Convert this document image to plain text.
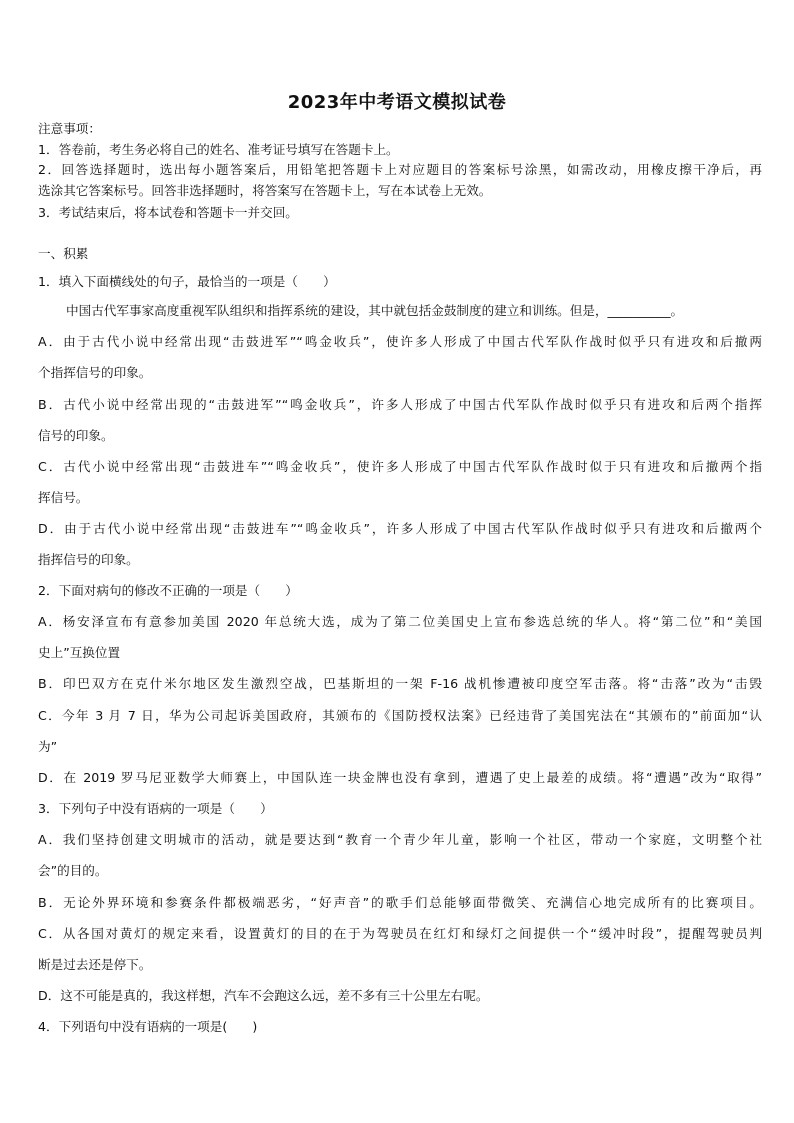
2023年中考语文模拟试卷
注意事项：
1．答卷前，考生务必将自己的姓名、准考证号填写在答题卡上。
2．回答选择题时，选出每小题答案后，用铅笔把答题卡上对应题目的答案标号涂黑，如需改动，用橡皮擦干净后，再
选涂其它答案标号。回答非选择题时，将答案写在答题卡上，写在本试卷上无效。
3．考试结束后，将本试卷和答题卡一并交回。
一、积累
1．填入下面横线处的句子，最恰当的一项是（　　）
中国古代军事家高度重视军队组织和指挥系统的建设，其中就包括金鼓制度的建立和训练。但是，__________。
A．由于古代小说中经常出现“击鼓进军”“鸣金收兵”，使许多人形成了中国古代军队作战时似乎只有进攻和后撤两
个指挥信号的印象。
B．古代小说中经常出现的“击鼓进军”“鸣金收兵”，许多人形成了中国古代军队作战时似乎只有进攻和后两个指挥
信号的印象。
C．古代小说中经常出现“击鼓进车”“鸣金收兵”，使许多人形成了中国古代军队作战时似于只有进攻和后撤两个指
挥信号。
D．由于古代小说中经常出现“击鼓进车”“鸣金收兵”，许多人形成了中国古代军队作战时似乎只有进攻和后撤两个
指挥信号的印象。
2．下面对病句的修改不正确的一项是（　　）
A．杨安泽宣布有意参加美国 2020 年总统大选，成为了第二位美国史上宣布参选总统的华人。将“第二位”和“美国
史上”互换位置
B．印巴双方在克什米尔地区发生激烈空战，巴基斯坦的一架 F-16 战机惨遭被印度空军击落。将“击落”改为“击毁
C．今年 3 月 7 日，华为公司起诉美国政府，其颁布的《国防授权法案》已经违背了美国宪法在“其颁布的”前面加“认
为”
D．在 2019 罗马尼亚数学大师赛上，中国队连一块金牌也没有拿到，遭遇了史上最差的成绩。将“遭遇”改为“取得”
3．下列句子中没有语病的一项是（　　）
A．我们坚持创建文明城市的活动，就是要达到“教育一个青少年儿童，影响一个社区，带动一个家庭，文明整个社
会”的目的。
B．无论外界环境和参赛条件都极端恶劣，“好声音”的歌手们总能够面带微笑、充满信心地完成所有的比赛项目。
C．从各国对黄灯的规定来看，设置黄灯的目的在于为驾驶员在红灯和绿灯之间提供一个“缓冲时段”，提醒驾驶员判
断是过去还是停下。
D．这不可能是真的，我这样想，汽车不会跑这么远，差不多有三十公里左右呢。
4．下列语句中没有语病的一项是(　　)
